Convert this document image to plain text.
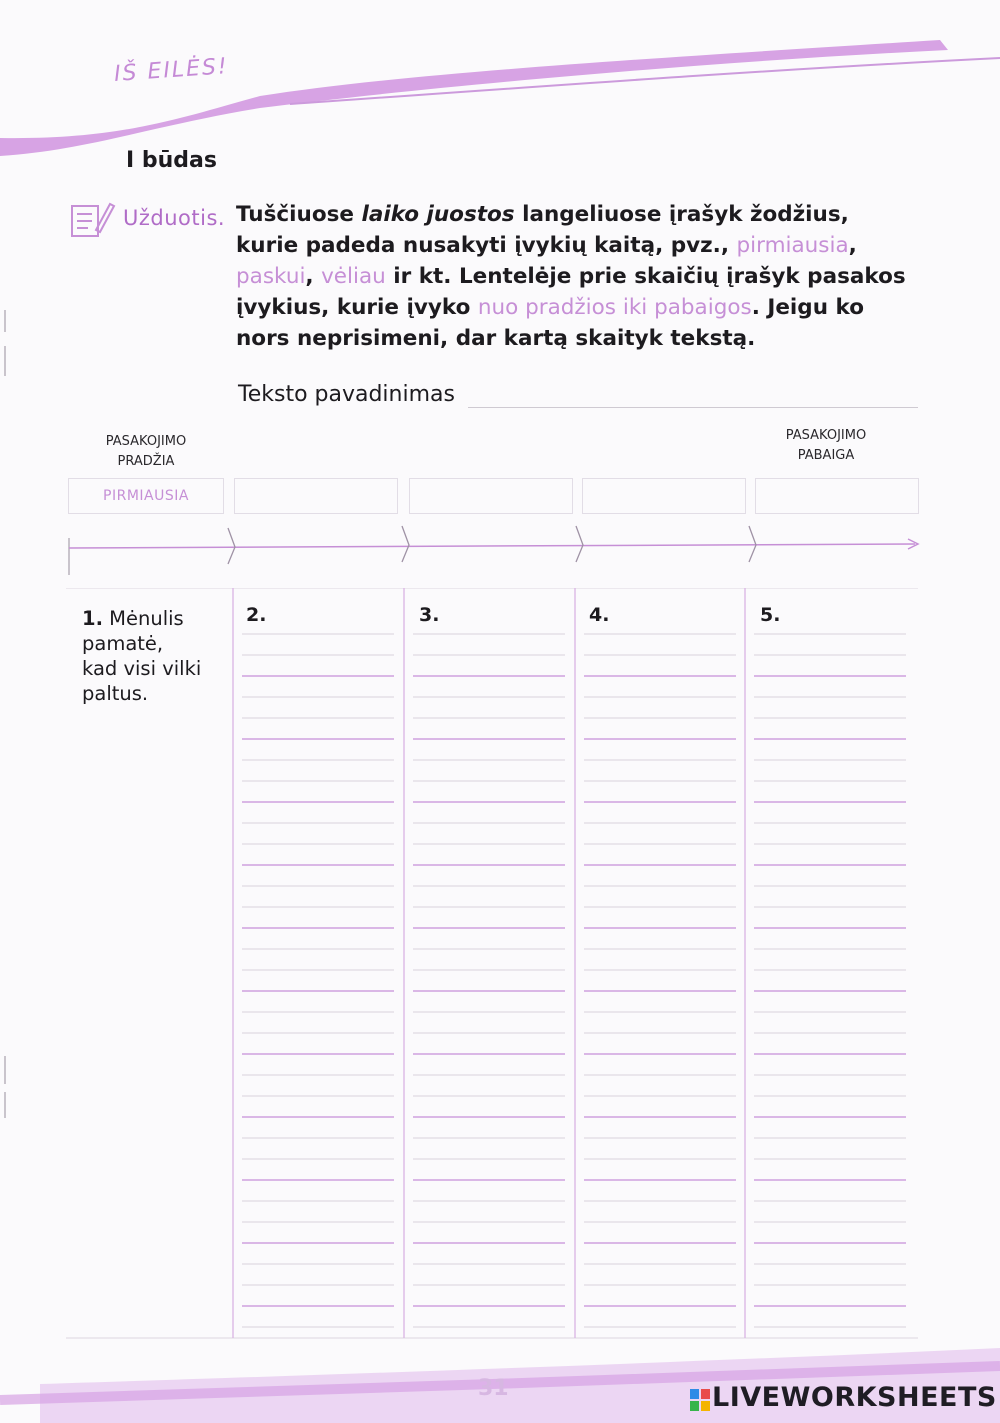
IŠ EILĖS!
I būdas
Užduotis. Tuščiuose laiko juostos langeliuose įrašyk žodžius, kurie padeda nusakyti įvykių kaitą, pvz., pirmiausia, paskui, vėliau ir kt. Lentelėje prie skaičių įrašyk pasakos įvykius, kurie įvyko nuo pradžios iki pabaigos. Jeigu ko nors neprisimeni, dar kartą skaityk tekstą.
Teksto pavadinimas
PASAKOJIMO
PRADŽIA
PASAKOJIMO
PABAIGA
PIRMIAUSIA
1. Mėnulis
pamatė,
kad visi vilki
paltus.
2.	3.	4.	5.
31	LIVEWORKSHEETS
